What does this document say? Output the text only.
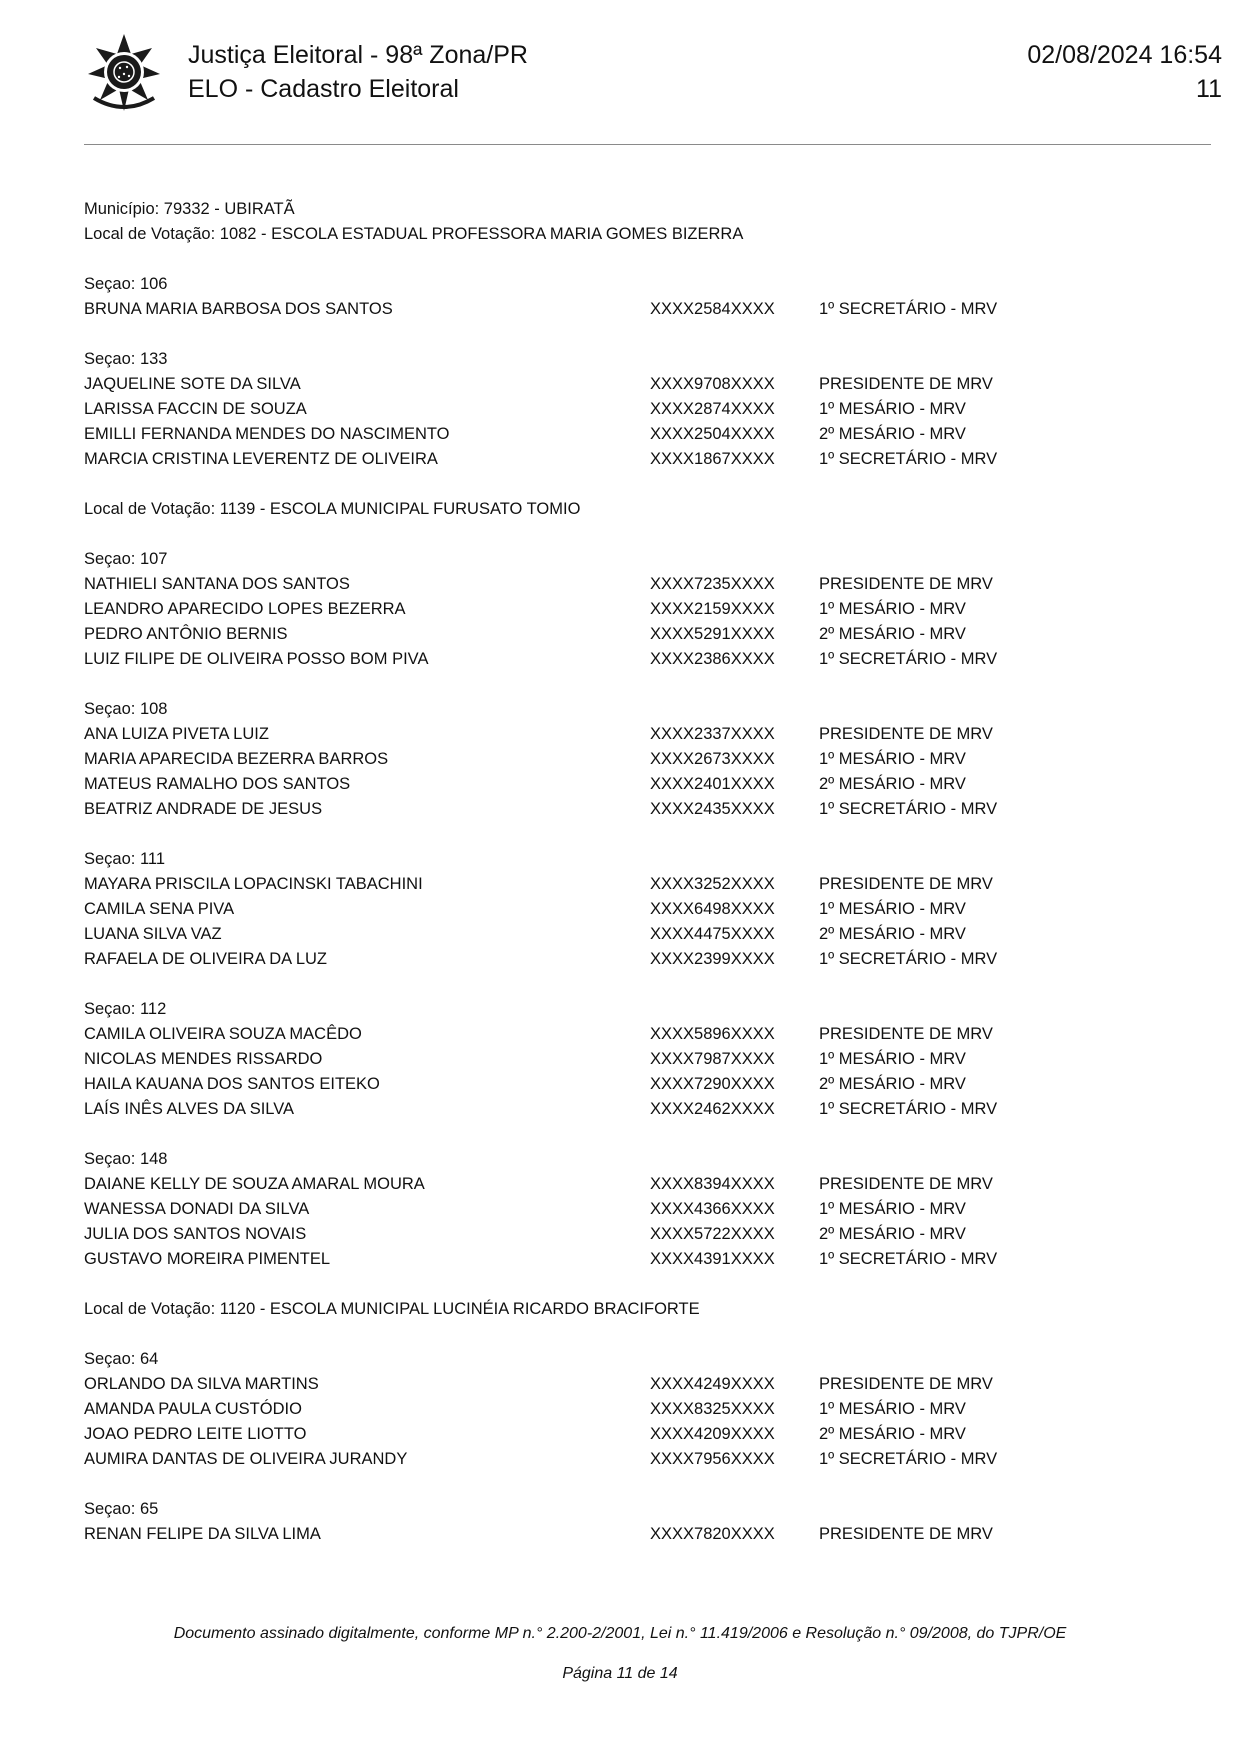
Justiça Eleitoral - 98ª Zona/PR
ELO - Cadastro Eleitoral
02/08/2024 16:54
11
Município: 79332 - UBIRATÃ
Local de Votação: 1082 - ESCOLA ESTADUAL PROFESSORA MARIA GOMES BIZERRA
Seçao: 106
BRUNA MARIA BARBOSA DOS SANTOS	XXXX2584XXXX	1º SECRETÁRIO - MRV
Seçao: 133
JAQUELINE SOTE DA SILVA	XXXX9708XXXX	PRESIDENTE DE MRV
LARISSA FACCIN DE SOUZA	XXXX2874XXXX	1º MESÁRIO - MRV
EMILLI FERNANDA MENDES DO NASCIMENTO	XXXX2504XXXX	2º MESÁRIO - MRV
MARCIA CRISTINA LEVERENTZ DE OLIVEIRA	XXXX1867XXXX	1º SECRETÁRIO - MRV
Local de Votação: 1139 - ESCOLA MUNICIPAL FURUSATO TOMIO
Seçao: 107
NATHIELI SANTANA DOS SANTOS	XXXX7235XXXX	PRESIDENTE DE MRV
LEANDRO APARECIDO LOPES BEZERRA	XXXX2159XXXX	1º MESÁRIO - MRV
PEDRO ANTÔNIO BERNIS	XXXX5291XXXX	2º MESÁRIO - MRV
LUIZ FILIPE DE OLIVEIRA POSSO BOM PIVA	XXXX2386XXXX	1º SECRETÁRIO - MRV
Seçao: 108
ANA LUIZA PIVETA LUIZ	XXXX2337XXXX	PRESIDENTE DE MRV
MARIA APARECIDA BEZERRA BARROS	XXXX2673XXXX	1º MESÁRIO - MRV
MATEUS RAMALHO DOS SANTOS	XXXX2401XXXX	2º MESÁRIO - MRV
BEATRIZ ANDRADE DE JESUS	XXXX2435XXXX	1º SECRETÁRIO - MRV
Seçao: 111
MAYARA PRISCILA LOPACINSKI TABACHINI	XXXX3252XXXX	PRESIDENTE DE MRV
CAMILA SENA PIVA	XXXX6498XXXX	1º MESÁRIO - MRV
LUANA SILVA VAZ	XXXX4475XXXX	2º MESÁRIO - MRV
RAFAELA DE OLIVEIRA DA LUZ	XXXX2399XXXX	1º SECRETÁRIO - MRV
Seçao: 112
CAMILA OLIVEIRA SOUZA MACÊDO	XXXX5896XXXX	PRESIDENTE DE MRV
NICOLAS MENDES RISSARDO	XXXX7987XXXX	1º MESÁRIO - MRV
HAILA KAUANA DOS SANTOS EITEKO	XXXX7290XXXX	2º MESÁRIO - MRV
LAÍS INÊS ALVES DA SILVA	XXXX2462XXXX	1º SECRETÁRIO - MRV
Seçao: 148
DAIANE KELLY DE SOUZA AMARAL MOURA	XXXX8394XXXX	PRESIDENTE DE MRV
WANESSA DONADI DA SILVA	XXXX4366XXXX	1º MESÁRIO - MRV
JULIA DOS SANTOS NOVAIS	XXXX5722XXXX	2º MESÁRIO - MRV
GUSTAVO MOREIRA PIMENTEL	XXXX4391XXXX	1º SECRETÁRIO - MRV
Local de Votação: 1120 - ESCOLA MUNICIPAL LUCINÉIA RICARDO BRACIFORTE
Seçao: 64
ORLANDO DA SILVA MARTINS	XXXX4249XXXX	PRESIDENTE DE MRV
AMANDA PAULA CUSTÓDIO	XXXX8325XXXX	1º MESÁRIO - MRV
JOAO PEDRO LEITE LIOTTO	XXXX4209XXXX	2º MESÁRIO - MRV
AUMIRA DANTAS DE OLIVEIRA JURANDY	XXXX7956XXXX	1º SECRETÁRIO - MRV
Seçao: 65
RENAN FELIPE DA SILVA LIMA	XXXX7820XXXX	PRESIDENTE DE MRV
Documento assinado digitalmente, conforme MP n.° 2.200-2/2001, Lei n.° 11.419/2006 e Resolução n.° 09/2008, do TJPR/OE
Página 11 de 14
